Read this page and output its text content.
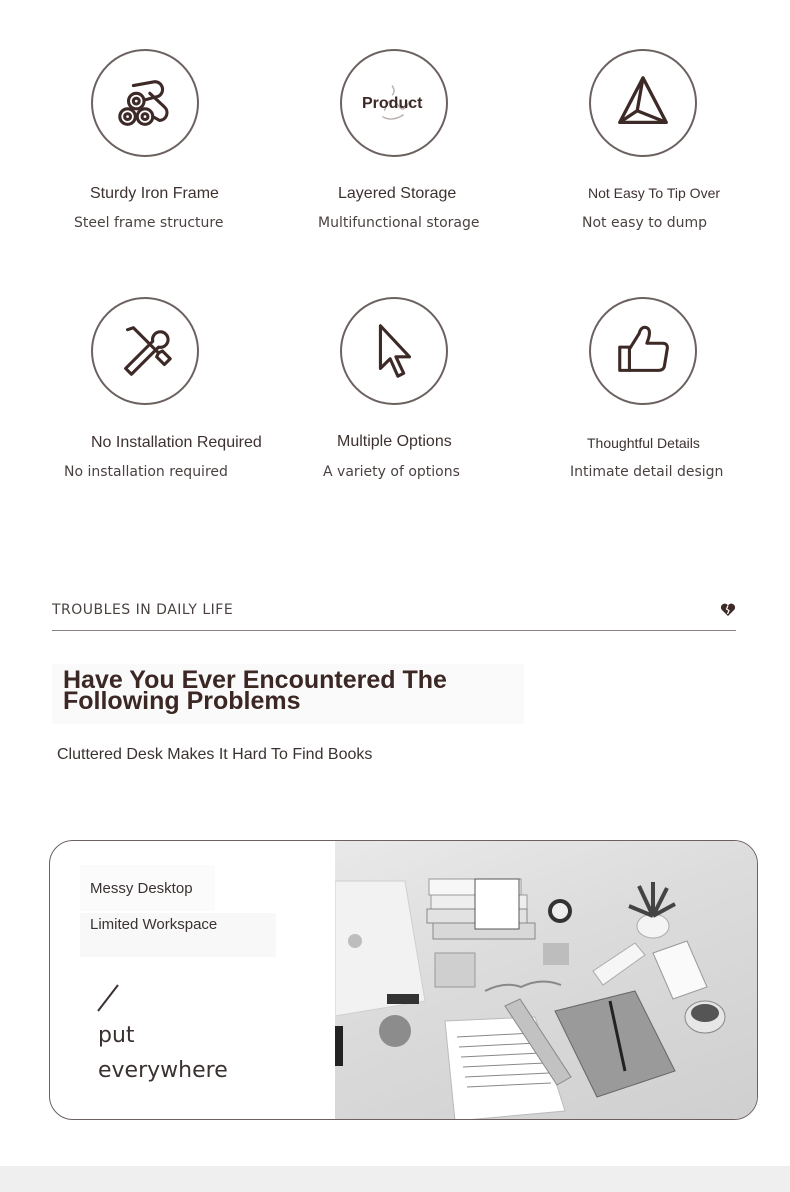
Sturdy Iron Frame
Steel frame structure
Product
Layered Storage
Multifunctional storage
Not Easy To Tip Over
Not easy to dump
No Installation Required
No installation required
Multiple Options
A variety of options
Thoughtful Details
Intimate detail design
TROUBLES IN DAILY LIFE
Have You Ever Encountered The Following Problems
Cluttered Desk Makes It Hard To Find Books
Messy Desktop
Limited Workspace
put
everywhere
